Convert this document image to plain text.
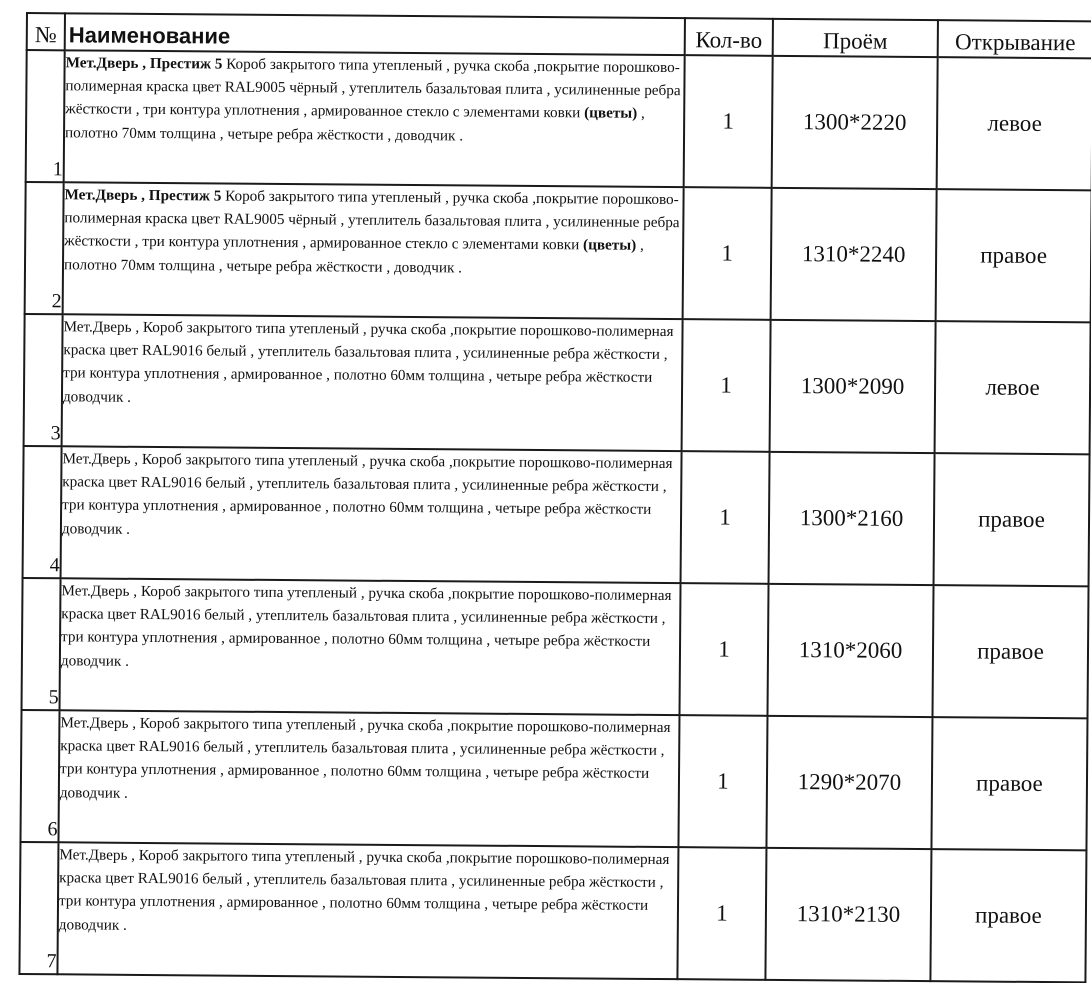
№	Наименование	Кол-во	Проём	Открывание
1	Мет.Дверь , Престиж 5 Короб закрытого типа утепленый , ручка скоба ,покрытие порошково-полимерная краска цвет RAL9005 чёрный , утеплитель базальтовая плита , усилиненные ребра жёсткости , три контура уплотнения , армированное стекло с элементами ковки (цветы) , полотно 70мм толщина , четыре ребра жёсткости , доводчик .	1	1300*2220	левое
2	Мет.Дверь , Престиж 5 Короб закрытого типа утепленый , ручка скоба ,покрытие порошково-полимерная краска цвет RAL9005 чёрный , утеплитель базальтовая плита , усилиненные ребра жёсткости , три контура уплотнения , армированное стекло с элементами ковки (цветы) , полотно 70мм толщина , четыре ребра жёсткости , доводчик .	1	1310*2240	правое
3	Мет.Дверь , Короб закрытого типа утепленый , ручка скоба ,покрытие порошково-полимерная краска цвет RAL9016 белый , утеплитель базальтовая плита , усилиненные ребра жёсткости , три контура уплотнения , армированное , полотно 60мм толщина , четыре ребра жёсткости доводчик .	1	1300*2090	левое
4	Мет.Дверь , Короб закрытого типа утепленый , ручка скоба ,покрытие порошково-полимерная краска цвет RAL9016 белый , утеплитель базальтовая плита , усилиненные ребра жёсткости , три контура уплотнения , армированное , полотно 60мм толщина , четыре ребра жёсткости доводчик .	1	1300*2160	правое
5	Мет.Дверь , Короб закрытого типа утепленый , ручка скоба ,покрытие порошково-полимерная краска цвет RAL9016 белый , утеплитель базальтовая плита , усилиненные ребра жёсткости , три контура уплотнения , армированное , полотно 60мм толщина , четыре ребра жёсткости доводчик .	1	1310*2060	правое
6	Мет.Дверь , Короб закрытого типа утепленый , ручка скоба ,покрытие порошково-полимерная краска цвет RAL9016 белый , утеплитель базальтовая плита , усилиненные ребра жёсткости , три контура уплотнения , армированное , полотно 60мм толщина , четыре ребра жёсткости доводчик .	1	1290*2070	правое
7	Мет.Дверь , Короб закрытого типа утепленый , ручка скоба ,покрытие порошково-полимерная краска цвет RAL9016 белый , утеплитель базальтовая плита , усилиненные ребра жёсткости , три контура уплотнения , армированное , полотно 60мм толщина , четыре ребра жёсткости доводчик .	1	1310*2130	правое
